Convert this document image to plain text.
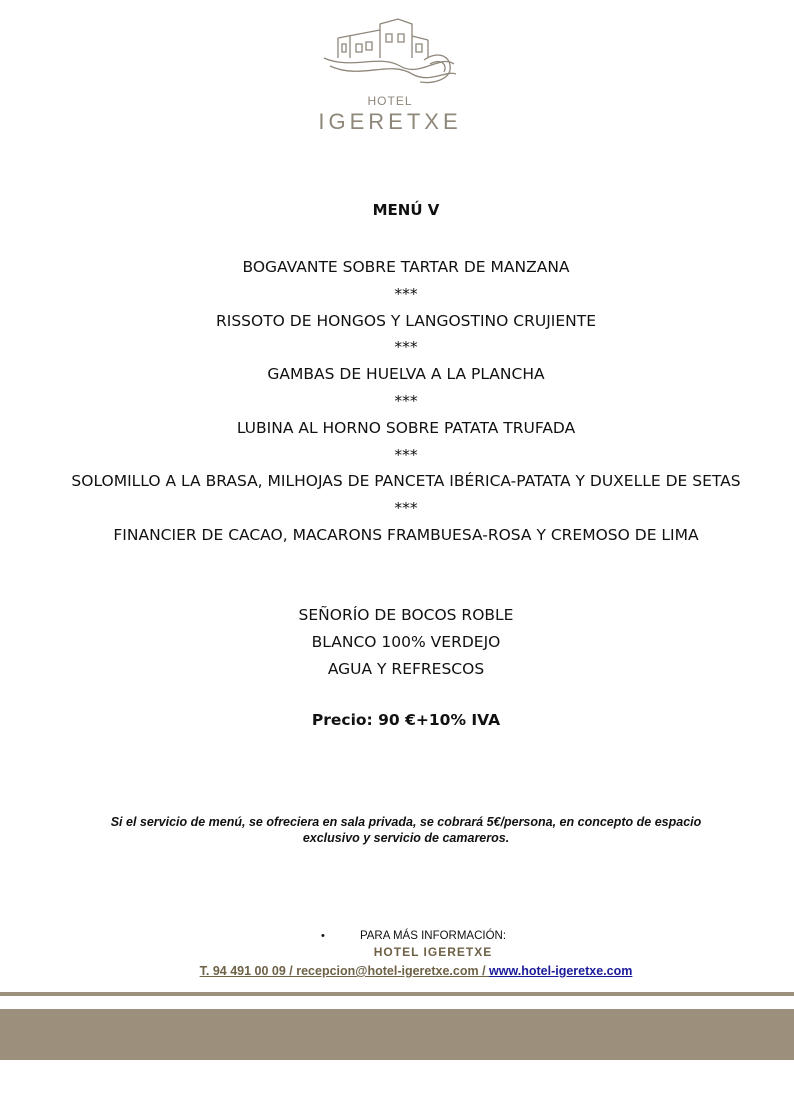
HOTEL
IGERETXE
MENÚ V
BOGAVANTE SOBRE TARTAR DE MANZANA
***
RISSOTO DE HONGOS Y LANGOSTINO CRUJIENTE
***
GAMBAS DE HUELVA A LA PLANCHA
***
LUBINA AL HORNO SOBRE PATATA TRUFADA
***
SOLOMILLO A LA BRASA, MILHOJAS DE PANCETA IBÉRICA-PATATA Y DUXELLE DE SETAS
***
FINANCIER DE CACAO, MACARONS FRAMBUESA-ROSA Y CREMOSO DE LIMA
SEÑORÍO DE BOCOS ROBLE
BLANCO 100% VERDEJO
AGUA Y REFRESCOS
Precio: 90 €+10% IVA
Si el servicio de menú, se ofreciera en sala privada, se cobrará 5€/persona, en concepto de espacio
exclusivo y servicio de camareros.
•	PARA MÁS INFORMACIÓN:
HOTEL IGERETXE
T. 94 491 00 09 / recepcion@hotel-igeretxe.com / www.hotel-igeretxe.com
